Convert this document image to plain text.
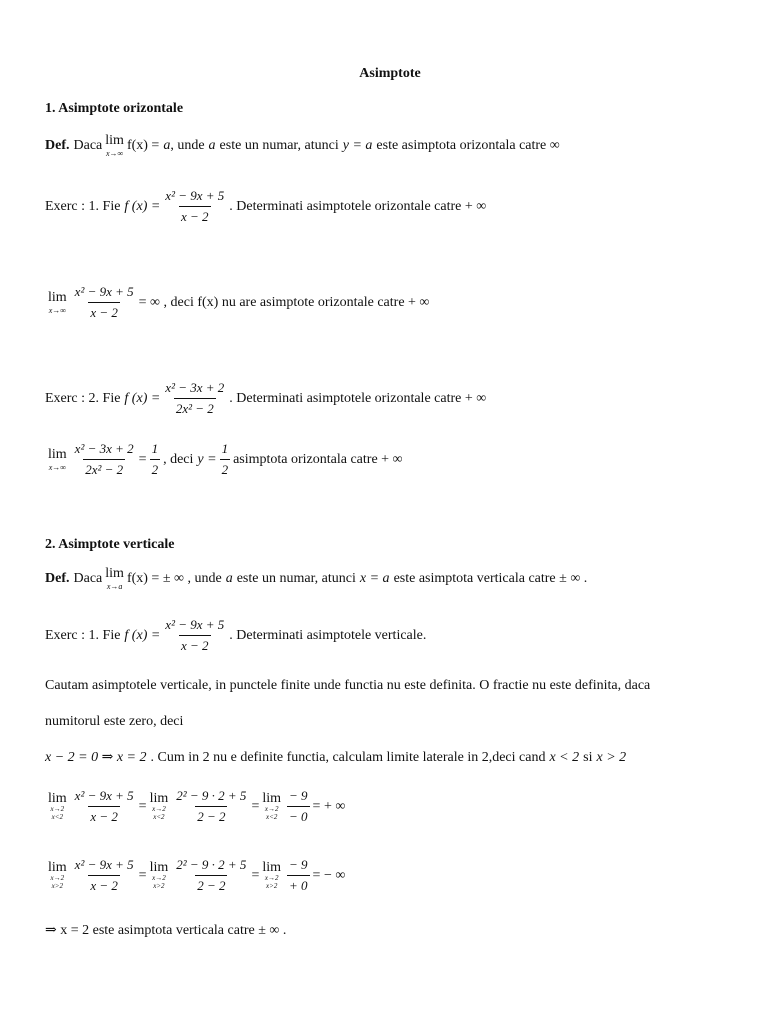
Asimptote
1. Asimptote orizontale
Def. Daca lim
x→∞
f(x) = a , unde a este un numar, atunci y = a este asimptota orizontala catre ∞
Exerc : 1. Fie f $(x) = \frac{\text{x² − 9x + 5}}{x - 2}$ . Determinati asimptotele orizontale catre + ∞
lim
$x\to\infty \frac{\text{x² − 9x + 5}}{x - 2}$ = ∞ , deci f(x) nu are asimptote orizontale catre + ∞
Exerc : 2. Fie f $(x) = \frac{\text{x² − 3x + 2}}{\text{2x² − 2}}$ . Determinati asimptotele orizontale catre + ∞
lim
$x\to\infty \frac{\text{x² − 3x + 2}}{\text{2x² − 2}} = \frac{1}{2}$ , deci $y = \frac{1}{2}$ asimptota orizontala catre + ∞
2. Asimptote verticale
Def. Daca lim
x→a
f(x) = ± ∞ , unde a este un numar, atunci x = a este asimptota verticala catre ± ∞ .
Exerc : 1. Fie f $(x) = \frac{\text{x² − 9x + 5}}{x - 2}$ . Determinati asimptotele verticale.
Cautam asimptotele verticale, in punctele finite unde functia nu este definita. O fractie nu este definita, daca
numitorul este zero, deci
x − 2 = 0 ⇒ x = 2 . Cum in 2 nu e definite functia, calculam limite laterale in 2,deci cand x < 2 si x > 2
lim
x→2
$x<2 \frac{\text{x² − 9x + 5}}{x - 2}$ =
lim
x→2
$x<2 \frac{\text{2² − 9 · 2 + 5}}{2 - 2}$ =
lim
x→2
$x<2 \frac{- 9}{- 0}$ = + ∞
lim
x→2
$x>2 \frac{\text{x² − 9x + 5}}{x - 2}$ =
lim
x→2
$x>2 \frac{\text{2² − 9 · 2 + 5}}{2 - 2}$ =
lim
x→2
$x>2 \frac{- 9}{+ 0}$ = − ∞
⇒ x = 2 este asimptota verticala catre ± ∞ .
